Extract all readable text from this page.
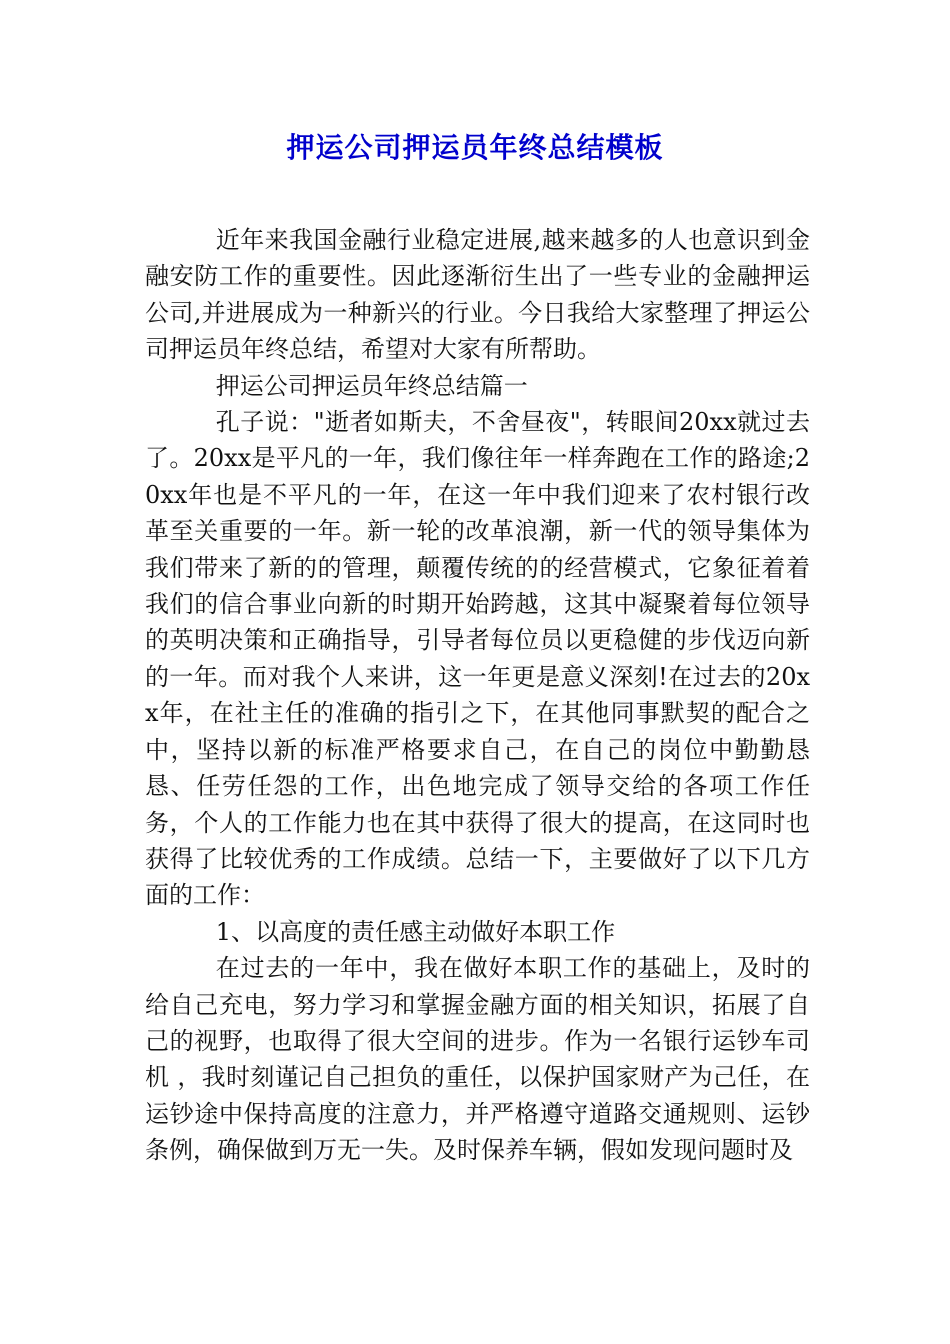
押运公司押运员年终总结模板

近年来我国金融行业稳定进展,越来越多的人也意识到金融安防工作的重要性。因此逐渐衍生出了一些专业的金融押运公司,并进展成为一种新兴的行业。今日我给大家整理了押运公司押运员年终总结，希望对大家有所帮助。

押运公司押运员年终总结篇一

孔子说："逝者如斯夫，不舍昼夜"，转眼间20xx就过去了。20xx是平凡的一年，我们像往年一样奔跑在工作的路途;20xx年也是不平凡的一年，在这一年中我们迎来了农村银行改革至关重要的一年。新一轮的改革浪潮，新一代的领导集体为我们带来了新的的管理，颠覆传统的的经营模式，它象征着着我们的信合事业向新的时期开始跨越，这其中凝聚着每位领导的英明决策和正确指导，引导者每位员以更稳健的步伐迈向新的一年。而对我个人来讲，这一年更是意义深刻!在过去的20xx年，在社主任的准确的指引之下，在其他同事默契的配合之中，坚持以新的标准严格要求自己，在自己的岗位中勤勤恳恳、任劳任怨的工作，出色地完成了领导交给的各项工作任务，个人的工作能力也在其中获得了很大的提高，在这同时也获得了比较优秀的工作成绩。总结一下，主要做好了以下几方面的工作：

1、以高度的责任感主动做好本职工作

在过去的一年中，我在做好本职工作的基础上，及时的给自己充电，努力学习和掌握金融方面的相关知识，拓展了自己的视野，也取得了很大空间的进步。作为一名银行运钞车司机 ，我时刻谨记自己担负的重任，以保护国家财产为己任，在运钞途中保持高度的注意力，并严格遵守道路交通规则、运钞条例，确保做到万无一失。及时保养车辆，假如发现问题时及
